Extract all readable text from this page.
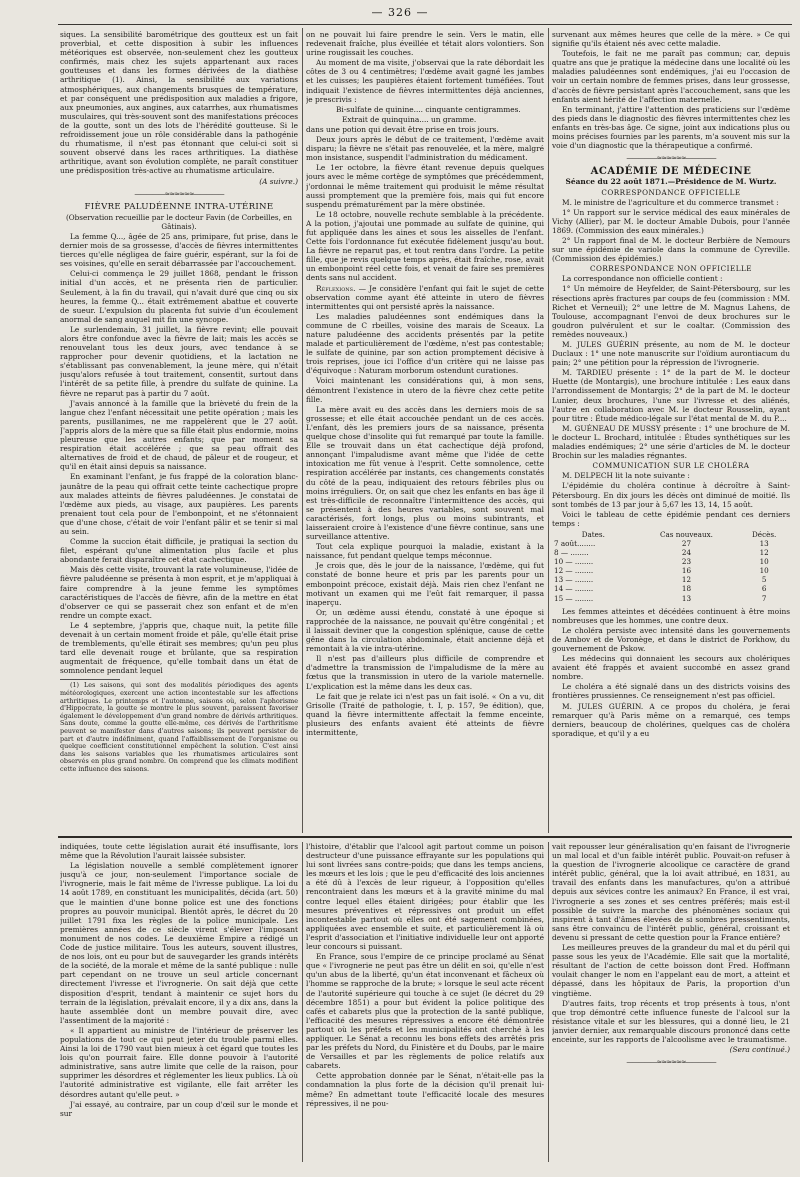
— 326 —

siques. La sensibilité barométrique des goutteux est un fait proverbial, et cette disposition à subir les influences météoriques est observée, non-seulement chez les goutteux confirmés, mais chez les sujets appartenant aux races goutteuses et dans les formes dérivées de la diathèse arthritique (1). Ainsi, la sensibilité aux variations atmosphériques, aux changements brusques de température, et par conséquent une prédisposition aux maladies a frigore, aux pneumonies, aux angines, aux catarrhes, aux rhumatismes musculaires, qui très-souvent sont des manifestations précoces de la goutte, sont un des lots de l'hérédité goutteuse. Si le refroidissement joue un rôle considérable dans la pathogénie du rhumatisme, il n'est pas étonnant que celui-ci soit si souvent observé dans les races arthritiques. La diathèse arthritique, avant son évolution complète, ne paraît constituer une prédisposition très-active au rhumatisme articulaire.

(A suivre.)

—————≈≈≈≈≈≈—————

FIÈVRE PALUDÉENNE INTRA-UTÉRINE

(Observation recueillie par le docteur Favin (de Corbeilles, en Gâtinais).

La femme Q..., âgée de 25 ans, primipare, fut prise, dans le dernier mois de sa grossesse, d'accès de fièvres intermittentes tierces qu'elle négligea de faire guérir, espérant, sur la foi de ses voisines, qu'elle en serait débarrassée par l'accouchement.

Celui-ci commença le 29 juillet 1868, pendant le frisson initial d'un accès, et ne présenta rien de particulier. Seulement, à la fin du travail, qui n'avait duré que cinq ou six heures, la femme Q... était extrêmement abattue et couverte de sueur. L'expulsion du placenta fut suivie d'un écoulement anormal de sang auquel mit fin une syncope.

Le surlendemain, 31 juillet, la fièvre revint; elle pouvait alors être confondue avec la fièvre de lait; mais les accès se renouvelant tous les deux jours, avec tendance à se rapprocher pour devenir quotidiens, et la lactation ne s'établissant pas convenablement, la jeune mère, qui n'était jusqu'alors refusée à tout traitement, consentit, surtout dans l'intérêt de sa petite fille, à prendre du sulfate de quinine. La fièvre ne reparut pas à partir du 7 août.

J'avais annoncé à la famille que la brièveté du frein de la langue chez l'enfant nécessitait une petite opération ; mais les parents, pusillanimes, ne me rappelèrent que le 27 août. J'appris alors de la mère que sa fille était plus endormie, moins pleureuse que les autres enfants; que par moment sa respiration était accélérée ; que sa peau offrait des alternatives de froid et de chaud, de pâleur et de rougeur, et qu'il en était ainsi depuis sa naissance.

En examinant l'enfant, je fus frappé de la coloration blanc-jaunâtre de la peau qui offrait cette teinte cachectique propre aux malades atteints de fièvres paludéennes. Je constatai de l'œdème aux pieds, au visage, aux paupières. Les parents prenaient tout cela pour de l'embonpoint, et ne s'étonnaient que d'une chose, c'était de voir l'enfant pâlir et se tenir si mal au sein.

Comme la succion était difficile, je pratiquai la section du filet, espérant qu'une alimentation plus facile et plus abondante ferait disparaître cet état cachectique.

Mais dès cette visite, trouvant la rate volumineuse, l'idée de fièvre paludéenne se présenta à mon esprit, et je m'appliquai à faire comprendre à la jeune femme les symptômes caractéristiques de l'accès de fièvre, afin de la mettre en état d'observer ce qui se passerait chez son enfant et de m'en rendre un compte exact.

Le 4 septembre, j'appris que, chaque nuit, la petite fille devenait à un certain moment froide et pâle, qu'elle était prise de tremblements, qu'elle étirait ses membres; qu'un peu plus tard elle devenait rouge et brûlante, que sa respiration augmentait de fréquence, qu'elle tombait dans un état de somnolence pendant lequel

(1) Les saisons, qui sont des modalités périodiques des agents météorologiques, exercent une action incontestable sur les affections arthritiques. Le printemps et l'automne, saisons où, selon l'aphorisme d'Hippocrate, la goutte se montre le plus souvent, paraissent favoriser également le développement d'un grand nombre de dérivés arthritiques. Sans doute, comme la goutte elle-même, ces dérivés de l'arthritisme peuvent se manifester dans d'autres saisons; ils peuvent persister de part et d'autre indéfiniment, quand l'affaiblissement de l'organisme ou quelque coefficient constitutionnel empêchent la solution. C'est ainsi dans les saisons variables que les rhumatismes articulaires sont observés en plus grand nombre. On comprend que les climats modifient cette influence des saisons.

on ne pouvait lui faire prendre le sein. Vers le matin, elle redevenait fraîche, plus éveillée et tétait alors volontiers. Son urine rougissait les couches.

Au moment de ma visite, j'observai que la rate débordait les côtes de 3 ou 4 centimètres; l'œdème avait gagné les jambes et les cuisses; les paupières étaient fortement tuméfiées. Tout indiquait l'existence de fièvres intermittentes déjà anciennes, je prescrivis :

Bi-sulfate de quinine.... cinquante centigrammes.

Extrait de quinquina.... un gramme.

dans une potion qui devait être prise en trois jours.

Deux jours après le début de ce traitement, l'œdème avait disparu; la fièvre ne s'était pas renouvelée, et la mère, malgré mon insistance, suspendit l'administration du médicament.

Le 1er octobre, la fièvre étant revenue depuis quelques jours avec le même cortège de symptômes que précédemment, j'ordonnai le même traitement qui produisit le même résultat aussi promptement que la première fois, mais qui fut encore suspendu prématurément par la mère obstinée.

Le 18 octobre, nouvelle rechute semblable à la précédente. A la potion, j'ajoutai une pommade au sulfate de quinine, qui fut appliquée dans les aines et sous les aisselles de l'enfant. Cette fois l'ordonnance fut exécutée fidèlement jusqu'au bout. La fièvre ne reparut pas, et tout rentra dans l'ordre. La petite fille, que je revis quelque temps après, était fraîche, rose, avait un embonpoint réel cette fois, et venait de faire ses premières dents sans nul accident.

Réflexions. — Je considère l'enfant qui fait le sujet de cette observation comme ayant été atteinte in utero de fièvres intermittentes qui ont persisté après la naissance.

Les maladies paludéennes sont endémiques dans la commune de C rbeilles, voisine des marais de Sceaux. La nature paludéenne des accidents présentés par la petite malade et particulièrement de l'œdème, n'est pas contestable; le sulfate de quinine, par son action promptement décisive à trois reprises, joue ici l'office d'un critère qui ne laisse pas d'équivoque : Naturam morborum ostendunt curationes.

Voici maintenant les considérations qui, à mon sens, démontrent l'existence in utero de la fièvre chez cette petite fille.

La mère avait eu des accès dans les derniers mois de sa grossesse; et elle était accouchée pendant un de ces accès. L'enfant, dès les premiers jours de sa naissance, présenta quelque chose d'insolite qui fut remarqué par toute la famille. Elle se trouvait dans un état cachectique déjà profond, annonçant l'impaludisme avant même que l'idée de cette intoxication me fût venue à l'esprit. Cette somnolence, cette respiration accélérée par instants, ces changements constatés du côté de la peau, indiquaient des retours fébriles plus ou moins irréguliers. Or, on sait que chez les enfants en bas âge il est très-difficile de reconnaître l'intermittence des accès, qui se présentent à des heures variables, sont souvent mal caractérisés, fort longs, plus ou moins subintrants, et laisseraient croire à l'existence d'une fièvre continue, sans une surveillance attentive.

Tout cela explique pourquoi la maladie, existant à la naissance, fut pendant quelque temps méconnue.

Je crois que, dès le jour de la naissance, l'œdème, qui fut constaté de bonne heure et pris par les parents pour un embonpoint précoce, existait déjà. Mais rien chez l'enfant ne motivant un examen qui me l'eût fait remarquer, il passa inaperçu.

Or, un œdème aussi étendu, constaté à une époque si rapprochée de la naissance, ne pouvait qu'être congénital ; et il laissait deviner que la congestion splénique, cause de cette gêne dans la circulation abdominale, était ancienne déjà et remontait à la vie intra-utérine.

Il n'est pas d'ailleurs plus difficile de comprendre et d'admettre la transmission de l'impaludisme de la mère au fœtus que la transmission in utero de la variole maternelle. L'explication est la même dans les deux cas.

Le fait que je relate ici n'est pas un fait isolé. « On a vu, dit Grisolle (Traité de pathologie, t. I, p. 157, 9e édition), que, quand la fièvre intermittente affectait la femme enceinte, plusieurs des enfants avaient été atteints de fièvre intermittente,

survenant aux mêmes heures que celle de la mère. » Ce qui signifie qu'ils étaient nés avec cette maladie.

Toutefois, le fait ne me paraît pas commun; car, depuis quatre ans que je pratique la médecine dans une localité où les maladies paludéennes sont endémiques, j'ai eu l'occasion de voir un certain nombre de femmes prises, dans leur grossesse, d'accès de fièvre persistant après l'accouchement, sans que les enfants aient hérité de l'affection maternelle.

En terminant, j'attire l'attention des praticiens sur l'œdème des pieds dans le diagnostic des fièvres intermittentes chez les enfants en très-bas âge. Ce signe, joint aux indications plus ou moins précises fournies par les parents, m'a souvent mis sur la voie d'un diagnostic que la thérapeutique a confirmé.

—————≈≈≈≈≈≈—————

ACADÉMIE DE MÉDECINE

Séance du 22 août 1871.—Présidence de M. Wurtz.

CORRESPONDANCE OFFICIELLE

M. le ministre de l'agriculture et du commerce transmet :

1° Un rapport sur le service médical des eaux minérales de Vichy (Allier), par M. le docteur Amable Dubois, pour l'année 1869. (Commission des eaux minérales.)

2° Un rapport final de M. le docteur Berbière de Nemours sur une épidémie de variole dans la commune de Cyreville. (Commission des épidémies.)

CORRESPONDANCE NON OFFICIELLE

La correspondance non officielle contient :

1° Un mémoire de Heyfelder, de Saint-Pétersbourg, sur les résections après fractures par coups de feu (commission : MM. Richet et Verneuil); 2° une lettre de M. Magnus Lahens, de Toulouse, accompagnant l'envoi de deux brochures sur le goudron pulvérulent et sur le coaltar. (Commission des remèdes nouveaux.)

M. JULES GUÉRIN présente, au nom de M. le docteur Duclaux : 1° une note manuscrite sur l'oïdium aurontiacum du pain; 2° une pétition pour la répression de l'ivrognerie.

M. TARDIEU présente : 1° de la part de M. le docteur Huette (de Montargis), une brochure intitulée : Les eaux dans l'arrondissement de Montargis; 2° de la part de M. le docteur Lunier, deux brochures, l'une sur l'ivresse et des aliénés, l'autre en collaboration avec M. le docteur Rousselin, ayant pour titre : Étude médico-légale sur l'état mental de M. du P....

M. GUÉNEAU DE MUSSY présente : 1° une brochure de M. le docteur L. Brochard, intitulée : Études synthétiques sur les maladies endémiques; 2° une série d'articles de M. le docteur Brochin sur les maladies régnantes.

COMMUNICATION SUR LE CHOLÉRA

M. DELPECH lit la note suivante :

L'épidémie du choléra continue à décroître à Saint-Pétersbourg. En dix jours les décès ont diminué de moitié. Ils sont tombés de 13 par jour à 5,67 les 13, 14, 15 août.

Voici le tableau de cette épidémie pendant ces derniers temps :

Dates.	Cas nouveaux.	Décès.
7 août........	27	13
8 — ........	24	12
10 — ........	23	10
12 — ........	16	10
13 — ........	12	5
14 — ........	18	6
15 — ........	13	7

Les femmes atteintes et décédées continuent à être moins nombreuses que les hommes, une contre deux.

Le choléra persiste avec intensité dans les gouvernements de Ambov et de Voronège, et dans le district de Porkhow, du gouvernement de Pskow.

Les médecins qui donnaient les secours aux cholériques avaient été frappés et avaient succombé en assez grand nombre.

Le choléra a été signalé dans un des districts voisins des frontières prussiennes. Ce renseignement n'est pas officiel.

M. JULES GUÉRIN. A ce propos du choléra, je ferai remarquer qu'à Paris même on a remarqué, ces temps derniers, beaucoup de cholérines, quelques cas de choléra sporadique, et qu'il y a eu

indiquées, toute cette législation aurait été insuffisante, lors même que la Révolution l'aurait laissée subsister.

La législation nouvelle a semblé complètement ignorer jusqu'à ce jour, non-seulement l'importance sociale de l'ivrognerie, mais le fait même de l'ivresse publique. La loi du 14 août 1789, en constituant les municipalités, décida (art. 50) que le maintien d'une bonne police est une des fonctions propres au pouvoir municipal. Bientôt après, le décret du 20 juillet 1791 fixa les règles de la police municipale. Les premières années de ce siècle virent s'élever l'imposant monument de nos codes. Le deuxième Empire a rédigé un Code de justice militaire. Tous les auteurs, souvent illustres, de nos lois, ont eu pour but de sauvegarder les grands intérêts de la société, de la morale et même de la santé publique : nulle part cependant on ne trouve un seul article concernant directement l'ivresse et l'ivrognerie. On sait déjà que cette disposition d'esprit, tendant à maintenir ce sujet hors du terrain de la législation, prévalait encore, il y a dix ans, dans la haute assemblée dont un membre pouvait dire, avec l'assentiment de la majorité :

« Il appartient au ministre de l'intérieur de préserver les populations de tout ce qui peut jeter du trouble parmi elles. Ainsi la loi de 1790 vaut bien mieux à cet égard que toutes les lois qu'on pourrait faire. Elle donne pouvoir à l'autorité administrative, sans autre limite que celle de la raison, pour supprimer les désordres et réglementer les lieux publics. Là où l'autorité administrative est vigilante, elle fait arrêter les désordres autant qu'elle peut. »

J'ai essayé, au contraire, par un coup d'œil sur le monde et sur

l'histoire, d'établir que l'alcool agit partout comme un poison destructeur d'une puissance effrayante sur les populations qui lui sont livrées sans contre-poids; que dans les temps anciens, les mœurs et les lois ; que le peu d'efficacité des lois anciennes a été dû à l'excès de leur rigueur, à l'opposition qu'elles rencontraient dans les mœurs et à la gravité minime du mal contre lequel elles étaient dirigées; pour établir que les mesures préventives et répressives ont produit un effet incontestable partout où elles ont été sagement combinées, appliquées avec ensemble et suite, et particulièrement là où l'esprit d'association et l'initiative individuelle leur ont apporté leur concours si puissant.

En France, sous l'empire de ce principe proclamé au Sénat que « l'ivrognerie ne peut pas être un délit en soi, qu'elle n'est qu'un abus de la liberté, qu'un état inconvenant et fâcheux où l'homme se rapproche de la brute; » lorsque le seul acte récent de l'autorité supérieure qui touche à ce sujet (le décret du 29 décembre 1851) a pour but évident la police politique des cafés et cabarets plus que la protection de la santé publique, l'efficacité des mesures répressives a encore été démontrée partout où les préfets et les municipalités ont cherché à les appliquer. Le Sénat a reconnu les bons effets des arrêtés pris par les préfets du Nord, du Finistère et du Doubs, par le maire de Versailles et par les règlements de police relatifs aux cabarets.

Cette approbation donnée par le Sénat, n'était-elle pas la condamnation la plus forte de la décision qu'il prenait lui-même? En admettant toute l'efficacité locale des mesures répressives, il ne pou-

vait repousser leur généralisation qu'en faisant de l'ivrognerie un mal local et d'un faible intérêt public. Pouvait-on refuser à la question de l'ivrognerie alcoolique ce caractère de grand intérêt public, général, que la loi avait attribué, en 1831, au travail des enfants dans les manufactures, qu'on a attribué depuis aux sévices contre les animaux? En France, il est vrai, l'ivrognerie a ses zones et ses centres préférés; mais est-il possible de suivre la marche des phénomènes sociaux qui inspirent à tant d'âmes élevées de si sombres pressentiments, sans être convaincu de l'intérêt public, général, croissant et devenu si pressant de cette question pour la France entière?

Les meilleures preuves de la grandeur du mal et du péril qui passe sous les yeux de l'Académie. Elle sait que la mortalité, résultant de l'action de cette boisson dont Fred. Hoffmann voulait changer le nom en l'appelant eau de mort, a atteint et dépassé, dans les hôpitaux de Paris, la proportion d'un vingtième.

D'autres faits, trop récents et trop présents à tous, n'ont que trop démontré cette influence funeste de l'alcool sur la résistance vitale et sur les blessures, qui a donné lieu, le 21 janvier dernier, aux remarquable discours prononcé dans cette enceinte, sur les rapports de l'alcoolisme avec le traumatisme.

(Sera continué.)

—————≈≈≈≈≈≈—————
